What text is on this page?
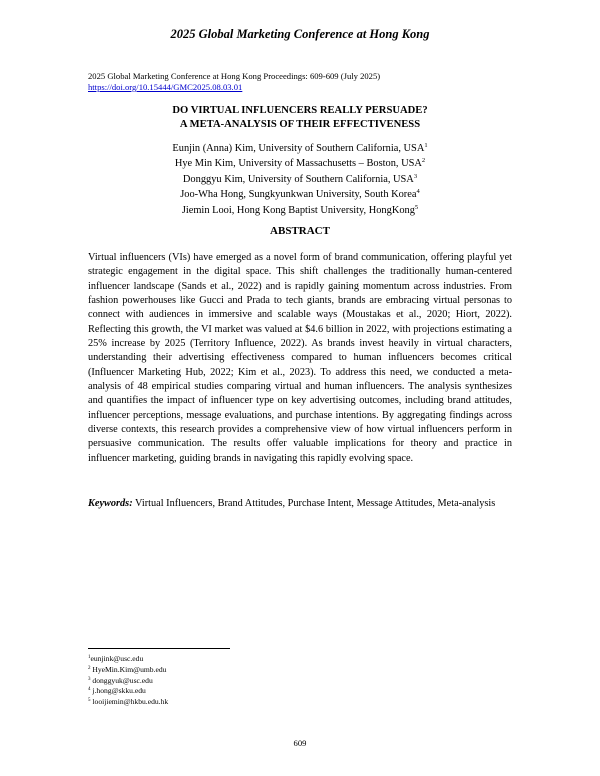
2025 Global Marketing Conference at Hong Kong
2025 Global Marketing Conference at Hong Kong Proceedings: 609-609 (July 2025)
https://doi.org/10.15444/GMC2025.08.03.01
DO VIRTUAL INFLUENCERS REALLY PERSUADE?
A META-ANALYSIS OF THEIR EFFECTIVENESS
Eunjin (Anna) Kim, University of Southern California, USA$^1$
Hye Min Kim, University of Massachusetts – Boston, USA$^2$
Donggyu Kim, University of Southern California, USA$^3$
Joo-Wha Hong, Sungkyunkwan University, South Korea$^4$
Jiemin Looi, Hong Kong Baptist University, HongKong$^5$
ABSTRACT
Virtual influencers (VIs) have emerged as a novel form of brand communication, offering playful yet strategic engagement in the digital space. This shift challenges the traditionally human-centered influencer landscape (Sands et al., 2022) and is rapidly gaining momentum across industries. From fashion powerhouses like Gucci and Prada to tech giants, brands are embracing virtual personas to connect with audiences in immersive and scalable ways (Moustakas et al., 2020; Hiort, 2022). Reflecting this growth, the VI market was valued at $4.6 billion in 2022, with projections estimating a 25% increase by 2025 (Territory Influence, 2022). As brands invest heavily in virtual characters, understanding their advertising effectiveness compared to human influencers becomes critical (Influencer Marketing Hub, 2022; Kim et al., 2023). To address this need, we conducted a meta-analysis of 48 empirical studies comparing virtual and human influencers. The analysis synthesizes and quantifies the impact of influencer type on key advertising outcomes, including brand attitudes, influencer perceptions, message evaluations, and purchase intentions. By aggregating findings across diverse contexts, this research provides a comprehensive view of how virtual influencers perform in persuasive communication. The results offer valuable implications for theory and practice in influencer marketing, guiding brands in navigating this rapidly evolving space.
Keywords: Virtual Influencers, Brand Attitudes, Purchase Intent, Message Attitudes, Meta-analysis
$^1$eunjink@usc.edu
$^2$ HyeMin.Kim@umb.edu
$^3$ donggyuk@usc.edu
$^4$ j.hong@skku.edu
$^5$ looijiemin@hkbu.edu.hk
609
